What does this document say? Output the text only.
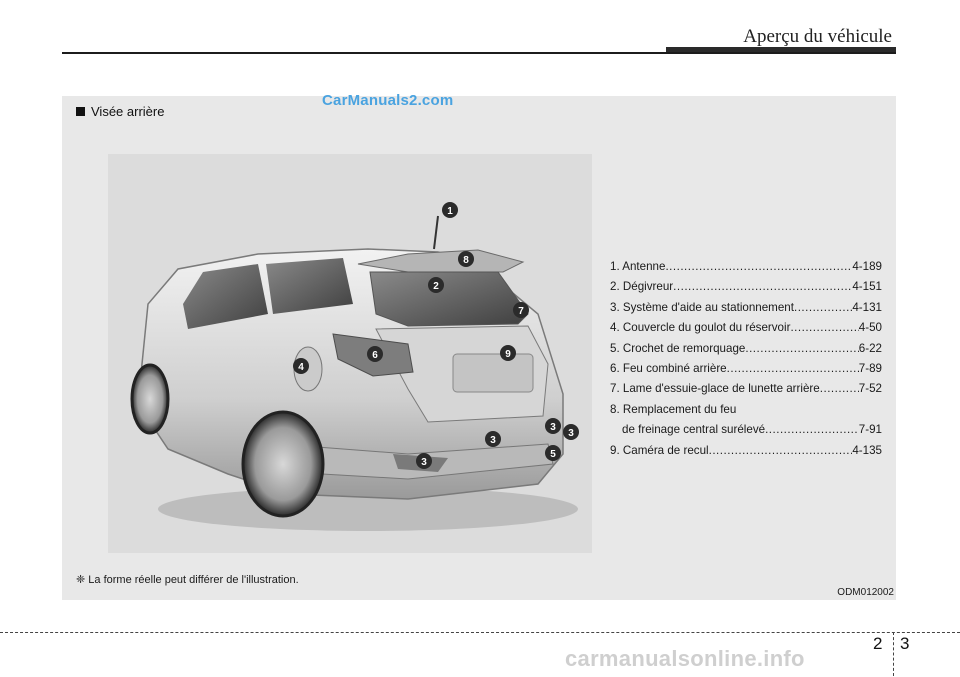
Aperçu du véhicule
Visée arrière
CarManuals2.com
1
8
2
7
6	9
4
3
3
3
3
5
1. Antenne .....	4-189
2. Dégivreur .....	4-151
3. Système d'aide au stationnement .....	4-131
4. Couvercle du goulot du réservoir .....	4-50
5. Crochet de remorquage .....	6-22
6. Feu combiné arrière .....	7-89
7. Lame d'essuie-glace de lunette arrière .....	7-52
8. Remplacement du feu
de freinage central surélevé .....	7-91
9. Caméra de recul .....	4-135
❈ La forme réelle peut différer de l'illustration.
ODM012002
2 3
carmanualsonline.info
